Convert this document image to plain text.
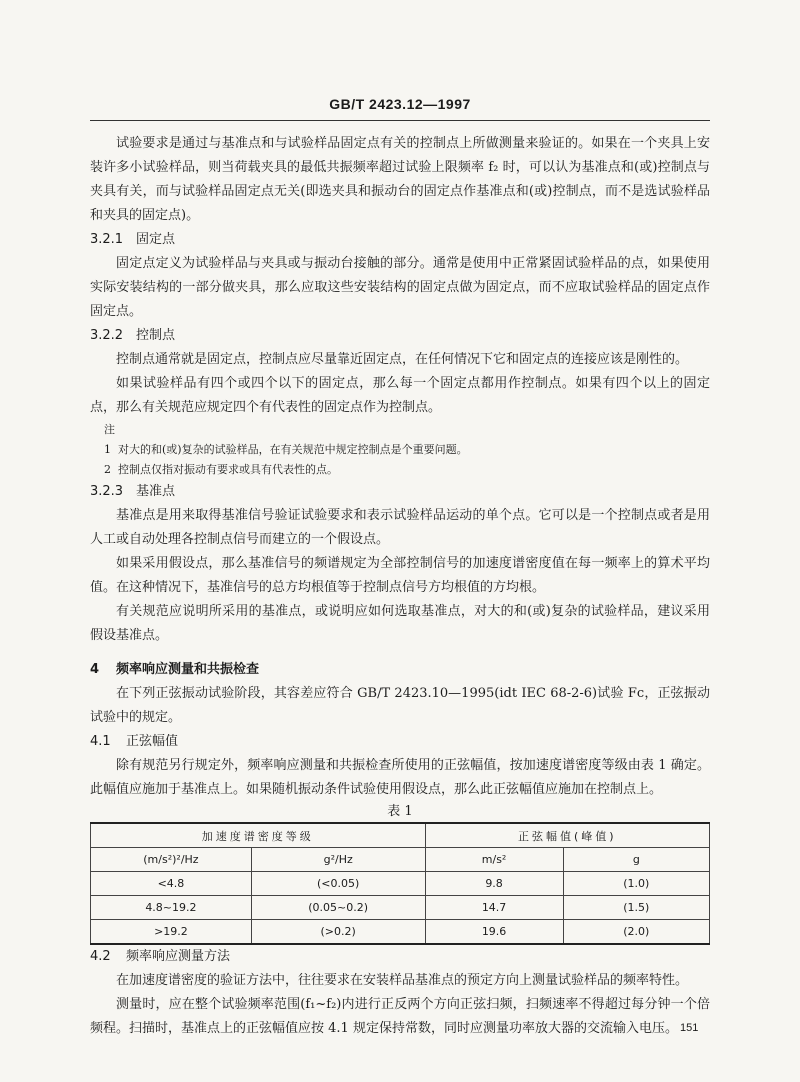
GB/T 2423.12—1997

试验要求是通过与基准点和与试验样品固定点有关的控制点上所做测量来验证的。如果在一个夹具上安装许多小试验样品，则当荷载夹具的最低共振频率超过试验上限频率 f₂ 时，可以认为基准点和(或)控制点与夹具有关，而与试验样品固定点无关(即选夹具和振动台的固定点作基准点和(或)控制点，而不是选试验样品和夹具的固定点)。

3.2.1 固定点

固定点定义为试验样品与夹具或与振动台接触的部分。通常是使用中正常紧固试验样品的点，如果使用实际安装结构的一部分做夹具，那么应取这些安装结构的固定点做为固定点，而不应取试验样品的固定点作固定点。

3.2.2 控制点

控制点通常就是固定点，控制点应尽量靠近固定点，在任何情况下它和固定点的连接应该是刚性的。

如果试验样品有四个或四个以下的固定点，那么每一个固定点都用作控制点。如果有四个以上的固定点，那么有关规范应规定四个有代表性的固定点作为控制点。

注

1 对大的和(或)复杂的试验样品，在有关规范中规定控制点是个重要问题。

2 控制点仅指对振动有要求或具有代表性的点。

3.2.3 基准点

基准点是用来取得基准信号验证试验要求和表示试验样品运动的单个点。它可以是一个控制点或者是用人工或自动处理各控制点信号而建立的一个假设点。

如果采用假设点，那么基准信号的频谱规定为全部控制信号的加速度谱密度值在每一频率上的算术平均值。在这种情况下，基准信号的总方均根值等于控制点信号方均根值的方均根。

有关规范应说明所采用的基准点，或说明应如何选取基准点，对大的和(或)复杂的试验样品，建议采用假设基准点。

4 频率响应测量和共振检查

在下列正弦振动试验阶段，其容差应符合 GB/T 2423.10—1995(idt IEC 68-2-6)试验 Fc，正弦振动试验中的规定。

4.1 正弦幅值

除有规范另行规定外，频率响应测量和共振检查所使用的正弦幅值，按加速度谱密度等级由表 1 确定。此幅值应施加于基准点上。如果随机振动条件试验使用假设点，那么此正弦幅值应施加在控制点上。

表 1

加速度谱密度等级		正弦幅值(峰值)	
(m/s²)²/Hz	g²/Hz	m/s²	g
<4.8	(<0.05)	9.8	(1.0)
4.8~19.2	(0.05~0.2)	14.7	(1.5)
>19.2	(>0.2)	19.6	(2.0)

4.2 频率响应测量方法

在加速度谱密度的验证方法中，往往要求在安装样品基准点的预定方向上测量试验样品的频率特性。

测量时，应在整个试验频率范围(f₁~f₂)内进行正反两个方向正弦扫频，扫频速率不得超过每分钟一个倍频程。扫描时，基准点上的正弦幅值应按 4.1 规定保持常数，同时应测量功率放大器的交流输入电压。 151
